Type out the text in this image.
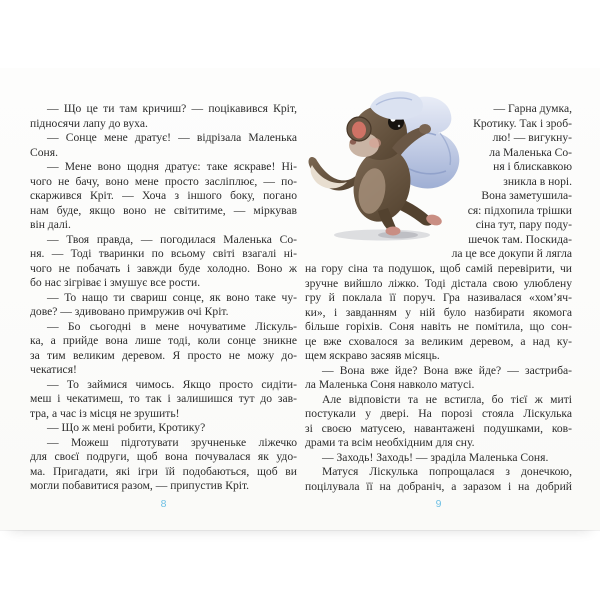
— Що це ти там кричиш? — поцікавився Кріт,
підносячи лапу до вуха.
— Сонце мене дратує! — відрізала Маленька
Соня.
— Мене воно щодня дратує: таке яскраве! Ні-
чого не бачу, воно мене просто засліплює, — по-
скаржився Кріт. — Хоча з іншого боку, погано
нам буде, якщо воно не світитиме, — міркував
він далі.
— Твоя правда, — погодилася Маленька Со-
ня. — Тоді тваринки по всьому світі взагалі ні-
чого не побачать і завжди буде холодно. Воно ж
бо нас зігріває і змушує все рости.
— То нащо ти свариш сонце, як воно таке чу-
дове? — здивовано примружив очі Кріт.
— Бо сьогодні в мене ночуватиме Ліскуль-
ка, а прийде вона лише тоді, коли сонце зникне
за тим великим деревом. Я просто не можу до-
чекатися!
— То займися чимось. Якщо просто сидіти-
меш і чекатимеш, то так і залишишся тут до зав-
тра, а час із місця не зрушить!
— Що ж мені робити, Кротику?
— Можеш підготувати зручненьке ліжечко
для своєї подруги, щоб вона почувалася як удо-
ма. Пригадати, які ігри їй подобаються, щоб ви
могли побавитися разом, — припустив Кріт.
— Гарна думка,
Кротику. Так і зроб-
лю! — вигукну-
ла Маленька Со-
ня і блискавкою
зникла в норі.
Вона заметушила-
ся: підхопила трішки
сіна тут, пару поду-
шечок там. Поскида-
ла це все докупи й лягла
на гору сіна та подушок, щоб самій перевірити, чи
зручне вийшло ліжко. Тоді дістала свою улюблену
гру й поклала її поруч. Гра називалася «хом’яч-
ки», і завданням у ній було назбирати якомога
більше горіхів. Соня навіть не помітила, що сон-
це вже сховалося за великим деревом, а над ку-
щем яскраво засяяв місяць.
— Вона вже йде? Вона вже йде? — застриба-
ла Маленька Соня навколо матусі.
Але відповісти та не встигла, бо тієї ж миті
постукали у двері. На порозі стояла Ліскулька
зі своєю матусею, навантажені подушками, ков-
драми та всім необхідним для сну.
— Заходь! Заходь! — зраділа Маленька Соня.
Матуся Ліскулька попрощалася з донечкою,
поцілувала її на добраніч, а заразом і на добрий
8	9
